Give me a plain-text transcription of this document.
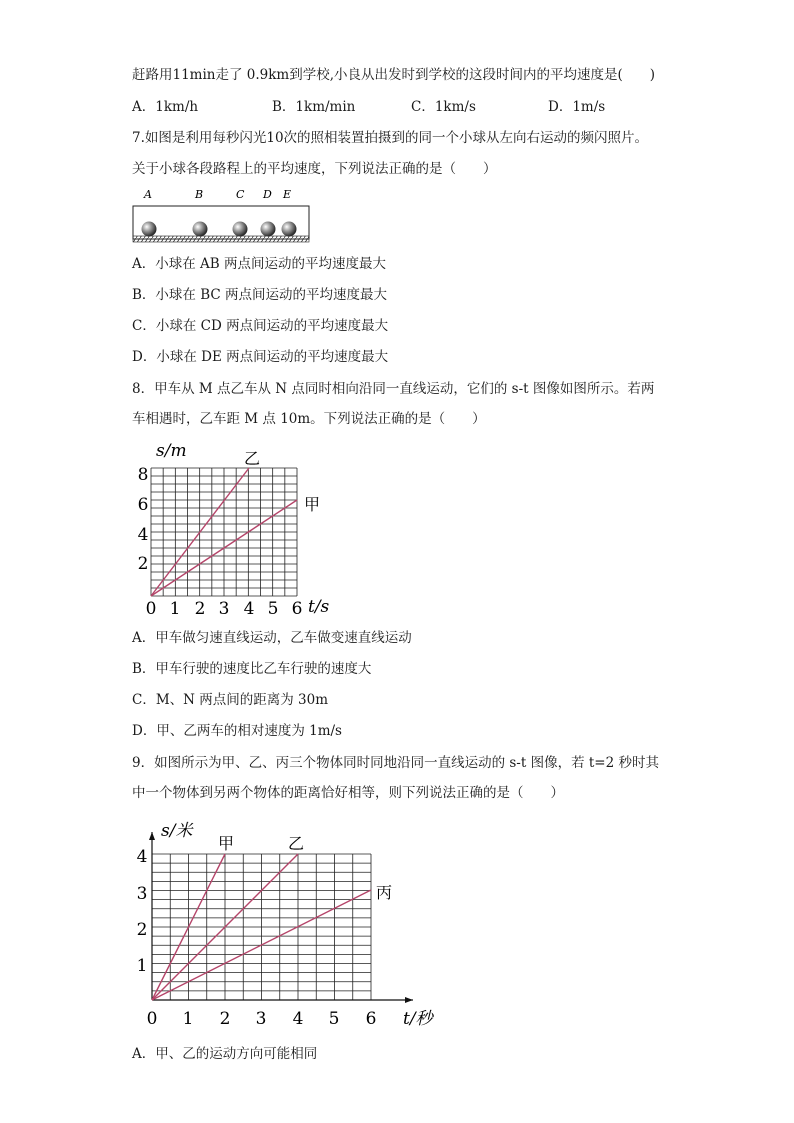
赶路用11min走了 0.9km到学校,小良从出发时到学校的这段时间内的平均速度是(　　)
A．1km/h	B．1km/min	C．1km/s	D．1m/s
7.如图是利用每秒闪光10次的照相装置拍摄到的同一个小球从左向右运动的频闪照片。
关于小球各段路程上的平均速度，下列说法正确的是（　　）
A	B	C D E
A．小球在 AB 两点间运动的平均速度最大
B．小球在 BC 两点间运动的平均速度最大
C．小球在 CD 两点间运动的平均速度最大
D．小球在 DE 两点间运动的平均速度最大
8．甲车从 M 点乙车从 N 点同时相向沿同一直线运动，它们的 s-t 图像如图所示。若两
车相遇时，乙车距 M 点 10m。下列说法正确的是（　　）
s/m
t/s
2
4
6
8
0 1 2 3 4 5 6
乙
甲
A．甲车做匀速直线运动，乙车做变速直线运动
B．甲车行驶的速度比乙车行驶的速度大
C．M、N 两点间的距离为 30m
D．甲、乙两车的相对速度为 1m/s
9．如图所示为甲、乙、丙三个物体同时同地沿同一直线运动的 s-t 图像，若 t=2 秒时其
中一个物体到另两个物体的距离恰好相等，则下列说法正确的是（　　）
s/米
t/秒
1
2
3
4
0 1 2 3 4 5 6
甲	乙
丙
A．甲、乙的运动方向可能相同
